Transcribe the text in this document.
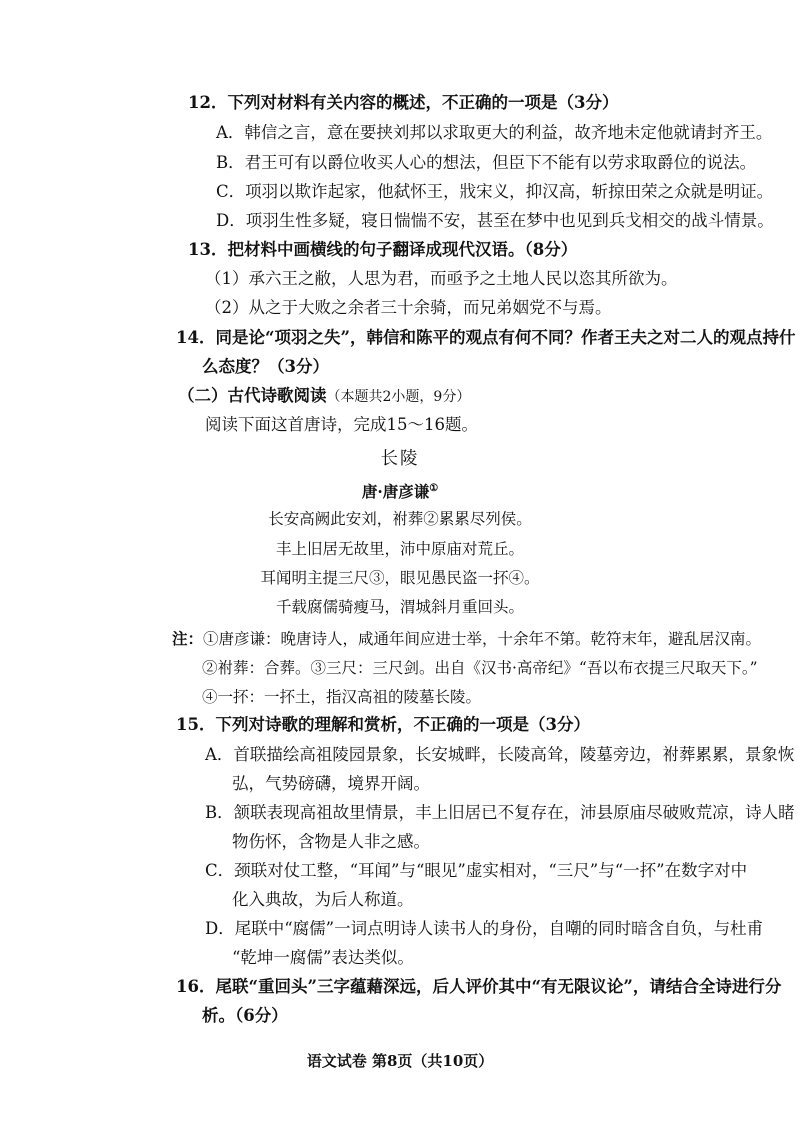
12．下列对材料有关内容的概述，不正确的一项是（3分）
A．韩信之言，意在要挟刘邦以求取更大的利益，故齐地未定他就请封齐王。
B．君王可有以爵位收买人心的想法，但臣下不能有以劳求取爵位的说法。
C．项羽以欺诈起家，他弑怀王，戕宋义，抑汉高，斩掠田荣之众就是明证。
D．项羽生性多疑，寝日惴惴不安，甚至在梦中也见到兵戈相交的战斗情景。
13．把材料中画横线的句子翻译成现代汉语。（8分）
（1）承六王之敝，人思为君，而亟予之土地人民以恣其所欲为。
（2）从之于大败之余者三十余骑，而兄弟姻党不与焉。
14．同是论“项羽之失”，韩信和陈平的观点有何不同？作者王夫之对二人的观点持什
么态度？（3分）
（二）古代诗歌阅读（本题共2小题，9分）
阅读下面这首唐诗，完成15～16题。
长陵
唐·唐彦谦①
长安高阙此安刘，祔葬②累累尽列侯。
丰上旧居无故里，沛中原庙对荒丘。
耳闻明主提三尺③，眼见愚民盗一抔④。
千载腐儒骑瘦马，渭城斜月重回头。
注：①唐彦谦：晚唐诗人，咸通年间应进士举，十余年不第。乾符末年，避乱居汉南。
②祔葬：合葬。③三尺：三尺剑。出自《汉书·高帝纪》“吾以布衣提三尺取天下。”
④一抔：一抔土，指汉高祖的陵墓长陵。
15．下列对诗歌的理解和赏析，不正确的一项是（3分）
A．首联描绘高祖陵园景象，长安城畔，长陵高耸，陵墓旁边，祔葬累累，景象恢
弘，气势磅礴，境界开阔。
B．颔联表现高祖故里情景，丰上旧居已不复存在，沛县原庙尽破败荒凉，诗人睹
物伤怀，含物是人非之感。
C．颈联对仗工整，“耳闻”与“眼见”虚实相对，“三尺”与“一抔”在数字对中
化入典故，为后人称道。
D．尾联中“腐儒”一词点明诗人读书人的身份，自嘲的同时暗含自负，与杜甫
“乾坤一腐儒”表达类似。
16．尾联“重回头”三字蕴藉深远，后人评价其中“有无限议论”，请结合全诗进行分
析。（6分）
语文试卷 第8页（共10页）
